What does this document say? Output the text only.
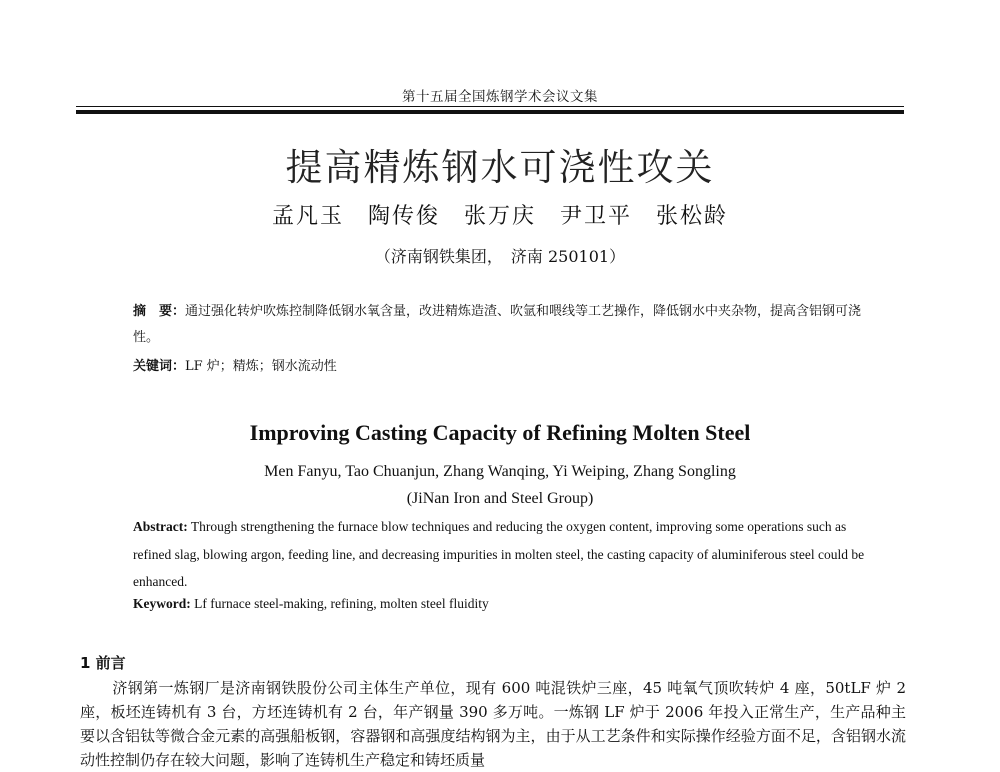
第十五届全国炼钢学术会议文集
提高精炼钢水可浇性攻关
孟凡玉　陶传俊　张万庆　尹卫平　张松龄
（济南钢铁集团，　济南 250101）
摘　要：通过强化转炉吹炼控制降低钢水氧含量，改进精炼造渣、吹氩和喂线等工艺操作，降低钢水中夹杂物，提高含铝钢可浇性。
关键词：LF 炉；精炼；钢水流动性
Improving Casting Capacity of Refining Molten Steel
Men Fanyu, Tao Chuanjun, Zhang Wanqing, Yi Weiping, Zhang Songling
(JiNan Iron and Steel Group)
Abstract: Through strengthening the furnace blow techniques and reducing the oxygen content, improving some operations such as refined slag, blowing argon, feeding line, and decreasing impurities in molten steel, the casting capacity of aluminiferous steel could be enhanced.
Keyword: Lf furnace steel-making, refining, molten steel fluidity
1 前言
济钢第一炼钢厂是济南钢铁股份公司主体生产单位，现有 600 吨混铁炉三座，45 吨氧气顶吹转炉 4 座，50tLF 炉 2 座，板坯连铸机有 3 台，方坯连铸机有 2 台，年产钢量 390 多万吨。一炼钢 LF 炉于 2006 年投入正常生产，生产品种主要以含铝钛等微合金元素的高强船板钢，容器钢和高强度结构钢为主，由于从工艺条件和实际操作经验方面不足，含铝钢水流动性控制仍存在较大问题，影响了连铸机生产稳定和铸坯质量
